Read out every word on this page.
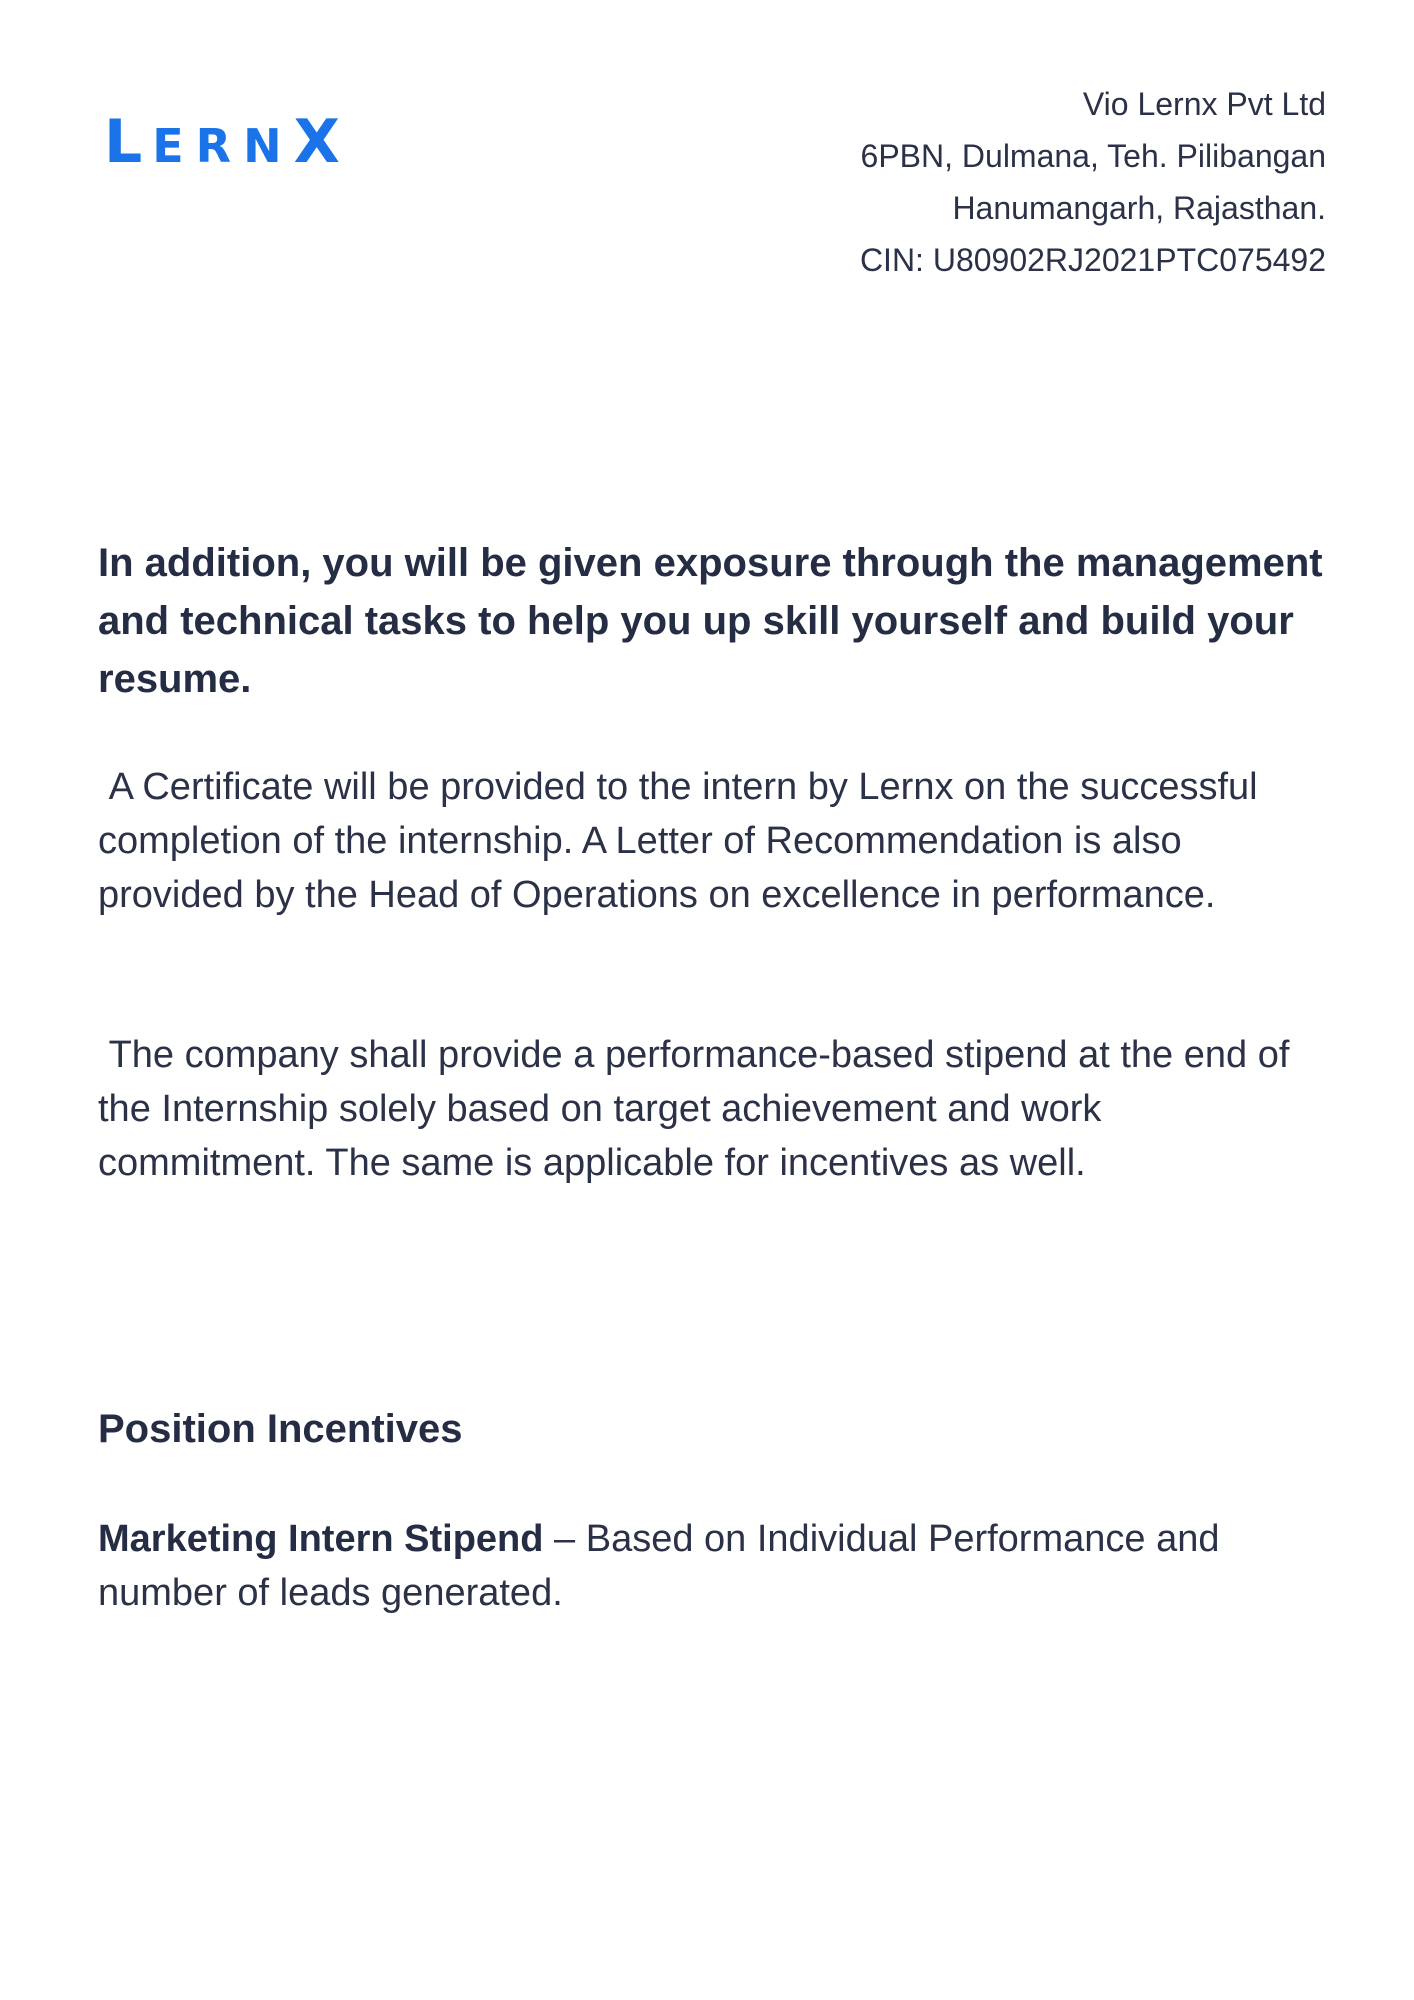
LERNX
Vio Lernx Pvt Ltd
6PBN, Dulmana, Teh. Pilibangan
Hanumangarh, Rajasthan.
CIN: U80902RJ2021PTC075492
In addition, you will be given exposure through the management and technical tasks to help you up skill yourself and build your resume.
A Certificate will be provided to the intern by Lernx on the successful completion of the internship. A Letter of Recommendation is also provided by the Head of Operations on excellence in performance.
The company shall provide a performance-based stipend at the end of the Internship solely based on target achievement and work commitment. The same is applicable for incentives as well.
Position Incentives
Marketing Intern Stipend – Based on Individual Performance and number of leads generated.
